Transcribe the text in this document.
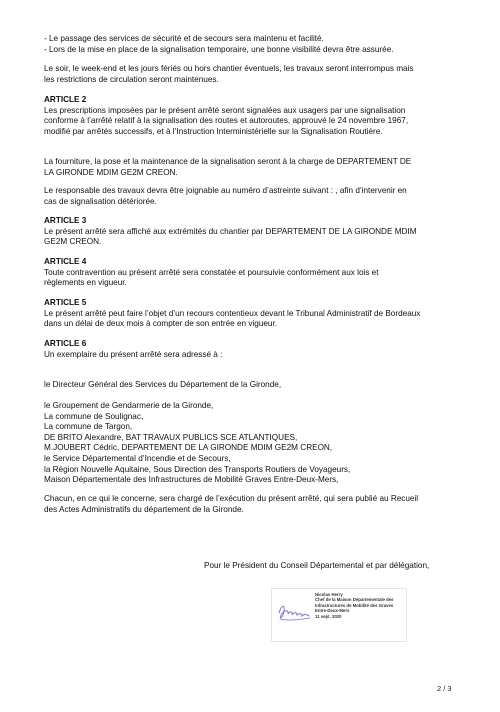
- Le passage des services de sécurité et de secours sera maintenu et facilité.
- Lors de la mise en place de la signalisation temporaire, une bonne visibilité devra être assurée.
Le soir, le week-end et les jours fériés ou hors chantier éventuels, les travaux seront interrompus mais
les restrictions de circulation seront maintenues.
ARTICLE 2
Les prescriptions imposées par le présent arrêté seront signalées aux usagers par une signalisation
conforme à l’arrêté relatif à la signalisation des routes et autoroutes, approuvé le 24 novembre 1967,
modifié par arrêtés successifs, et à l’Instruction Interministérielle sur la Signalisation Routière.
La fourniture, la pose et la maintenance de la signalisation seront à la charge de DEPARTEMENT DE
LA GIRONDE MDIM GE2M CREON.
Le responsable des travaux devra être joignable au numéro d’astreinte suivant : , afin d’intervenir en
cas de signalisation détériorée.
ARTICLE 3
Le présent arrêté sera affiché aux extrémités du chantier par DEPARTEMENT DE LA GIRONDE MDIM
GE2M CREON.
ARTICLE 4
Toute contravention au présent arrêté sera constatée et poursuivie conformément aux lois et
règlements en vigueur.
ARTICLE 5
Le présent arrêté peut faire l’objet d’un recours contentieux devant le Tribunal Administratif de Bordeaux
dans un délai de deux mois à compter de son entrée en vigueur.
ARTICLE 6
Un exemplaire du présent arrêté sera adressé à :
le Directeur Général des Services du Département de la Gironde,
le Groupement de Gendarmerie de la Gironde,
La commune de Soulignac,
La commune de Targon,
DE BRITO Alexandre, BAT TRAVAUX PUBLICS SCE ATLANTIQUES,
M.JOUBERT Cédric, DEPARTEMENT DE LA GIRONDE MDIM GE2M CREON,
le Service Départemental d’Incendie et de Secours,
la Région Nouvelle Aquitaine, Sous Direction des Transports Routiers de Voyageurs,
Maison Départementale des Infrastructures de Mobilité Graves Entre-Deux-Mers,
Chacun, en ce qui le concerne, sera chargé de l’exécution du présent arrêté, qui sera publié au Recueil
des Actes Administratifs du département de la Gironde.
Pour le Président du Conseil Départemental et par délégation,
Nicolas Herry
Chef de la Maison Départementale des
Infrastructures de Mobilité des Graves
Entre-Deux-Mers
11 sept. 2020
2 / 3
